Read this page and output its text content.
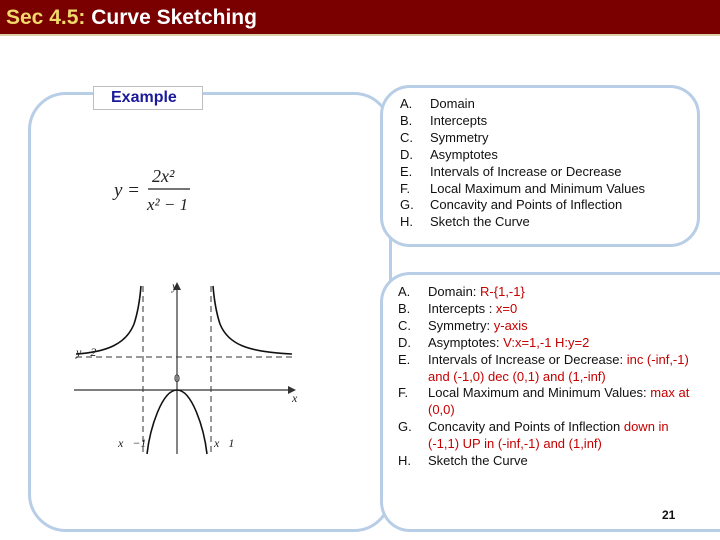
Sec 4.5: Curve Sketching
Example
y =
2x²
x² − 1
y
x
y   2
0
x   −1	x   1
A.	Domain
B.	Intercepts
C.	Symmetry
D.	Asymptotes
E.	Intervals of Increase or Decrease
F.	Local Maximum and Minimum Values
G.	Concavity and Points of Inflection
H.	Sketch the Curve
A.	Domain: R-{1,-1}
B.	Intercepts : x=0
C.	Symmetry: y-axis
D.	Asymptotes: V:x=1,-1 H:y=2
E.	Intervals of Increase or Decrease: inc (-inf,-1) and (-1,0) dec (0,1) and (1,-inf)
F.	Local Maximum and Minimum Values: max at (0,0)
G.	Concavity and Points of Inflection down in (-1,1) UP in (-inf,-1) and (1,inf)
H.	Sketch the Curve
21
